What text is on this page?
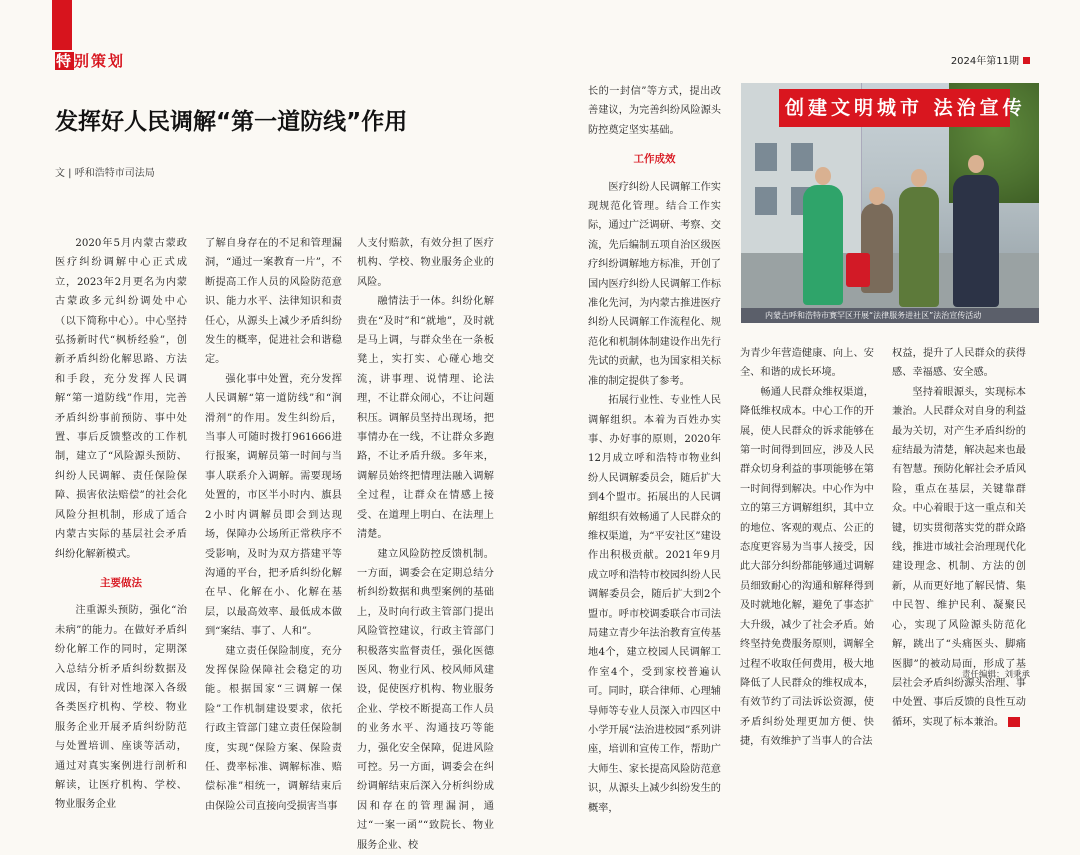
特别策划	2024年第11期
发挥好人民调解“第一道防线”作用
文 | 呼和浩特市司法局

2020年5月内蒙古蒙政医疗纠纷调解中心正式成立，2023年2月更名为内蒙古蒙政多元纠纷调处中心（以下简称中心）。中心坚持弘扬新时代“枫桥经验”，创新矛盾纠纷化解思路、方法和手段，充分发挥人民调解“第一道防线”作用，完善矛盾纠纷事前预防、事中处置、事后反馈整改的工作机制，建立了“风险源头预防、纠纷人民调解、责任保险保障、损害依法赔偿”的社会化风险分担机制，形成了适合内蒙古实际的基层社会矛盾纠纷化解新模式。

主要做法

注重源头预防，强化“治未病”的能力。在做好矛盾纠纷化解工作的同时，定期深入总结分析矛盾纠纷数据及成因，有针对性地深入各级各类医疗机构、学校、物业服务企业开展矛盾纠纷防范与处置培训、座谈等活动，通过对真实案例进行剖析和解读，让医疗机构、学校、物业服务企业

了解自身存在的不足和管理漏洞，“通过一案教育一片”，不断提高工作人员的风险防范意识、能力水平、法律知识和责任心，从源头上减少矛盾纠纷发生的概率，促进社会和谐稳定。

强化事中处置，充分发挥人民调解“第一道防线”和“润滑剂”的作用。发生纠纷后，当事人可随时拨打961666进行报案，调解员第一时间与当事人联系介入调解。需要现场处置的，市区半小时内、旗县2小时内调解员即会到达现场，保障办公场所正常秩序不受影响，及时为双方搭建平等沟通的平台，把矛盾纠纷化解在早、化解在小、化解在基层，以最高效率、最低成本做到“案结、事了、人和”。

建立责任保险制度，充分发挥保险保障社会稳定的功能。根据国家“三调解一保险”工作机制建设要求，依托行政主管部门建立责任保险制度，实现“保险方案、保险责任、费率标准、调解标准、赔偿标准”相统一，调解结束后由保险公司直接向受损害当事

人支付赔款，有效分担了医疗机构、学校、物业服务企业的风险。

融情法于一体。纠纷化解贵在“及时”和“就地”，及时就是马上调，与群众坐在一条板凳上，实打实、心碰心地交流，讲事理、说情理、论法理，不让群众闹心，不让问题积压。调解员坚持出现场，把事情办在一线，不让群众多跑路，不让矛盾升级。多年来，调解员始终把情理法融入调解全过程，让群众在情感上接受、在道理上明白、在法理上清楚。

建立风险防控反馈机制。一方面，调委会在定期总结分析纠纷数据和典型案例的基础上，及时向行政主管部门提出风险管控建议，行政主管部门积极落实监督责任，强化医德医风、物业行风、校风师风建设，促使医疗机构、物业服务企业、学校不断提高工作人员的业务水平、沟通技巧等能力，强化安全保障，促进风险可控。另一方面，调委会在纠纷调解结束后深入分析纠纷成因和存在的管理漏洞，通过“一案一函”“致院长、物业服务企业、校

长的一封信”等方式，提出改善建议，为完善纠纷风险源头防控奠定坚实基础。

工作成效

医疗纠纷人民调解工作实现规范化管理。结合工作实际，通过广泛调研、考察、交流，先后编制五项自治区级医疗纠纷调解地方标准，开创了国内医疗纠纷人民调解工作标准化先河，为内蒙古推进医疗纠纷人民调解工作流程化、规范化和机制体制建设作出先行先试的贡献，也为国家相关标准的制定提供了参考。

拓展行业性、专业性人民调解组织。本着为百姓办实事、办好事的原则，2020年12月成立呼和浩特市物业纠纷人民调解委员会，随后扩大到4个盟市。拓展出的人民调解组织有效畅通了人民群众的维权渠道，为“平安社区”建设作出积极贡献。2021年9月成立呼和浩特市校园纠纷人民调解委员会，随后扩大到2个盟市。呼市校调委联合市司法局建立青少年法治教育宣传基地4个，建立校园人民调解工作室4个，受到家校普遍认可。同时，联合律师、心理辅导师等专业人员深入市四区中小学开展“法治进校园”系列讲座，培训和宣传工作，帮助广大师生、家长提高风险防范意识，从源头上减少纠纷发生的概率，

创建文明城市 法治宣传
内蒙古呼和浩特市赛罕区开展“法律服务进社区”法治宣传活动

为青少年营造健康、向上、安全、和谐的成长环境。

畅通人民群众维权渠道，降低维权成本。中心工作的开展，使人民群众的诉求能够在第一时间得到回应，涉及人民群众切身利益的事项能够在第一时间得到解决。中心作为中立的第三方调解组织，其中立的地位、客观的观点、公正的态度更容易为当事人接受，因此大部分纠纷都能够通过调解员细致耐心的沟通和解释得到及时就地化解，避免了事态扩大升级，减少了社会矛盾。始终坚持免费服务原则，调解全过程不收取任何费用，极大地降低了人民群众的维权成本，有效节约了司法诉讼资源，使矛盾纠纷处理更加方便、快捷，有效维护了当事人的合法

权益，提升了人民群众的获得感、幸福感、安全感。

坚持着眼源头，实现标本兼治。人民群众对自身的利益最为关切，对产生矛盾纠纷的症结最为清楚，解决起来也最有智慧。预防化解社会矛盾风险，重点在基层，关键靠群众。中心着眼于这一重点和关键，切实贯彻落实党的群众路线，推进市域社会治理现代化建设理念、机制、方法的创新，从而更好地了解民情、集中民智、维护民利、凝聚民心，实现了风险源头防范化解，跳出了“头痛医头、脚痛医脚”的被动局面，形成了基层社会矛盾纠纷源头治理、事中处置、事后反馈的良性互动循环，实现了标本兼治。

责任编辑：刘秉承
